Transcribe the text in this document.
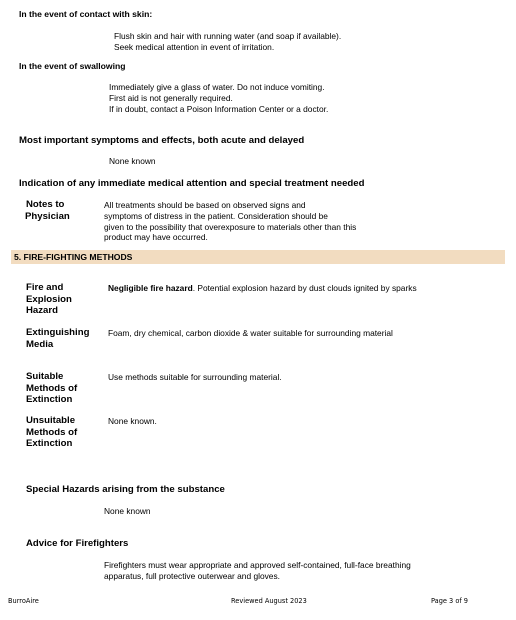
In the event of contact with skin:
Flush skin and hair with running water (and soap if available).
Seek medical attention in event of irritation.
In the event of swallowing
Immediately give a glass of water. Do not induce vomiting.
First aid is not generally required.
If in doubt, contact a Poison Information Center or a doctor.
Most important symptoms and effects, both acute and delayed
None known
Indication of any immediate medical attention and special treatment needed
Notes to
Physician
All treatments should be based on observed signs and
symptoms of distress in the patient. Consideration should be
given to the possibility that overexposure to materials other than this
product may have occurred.
5. FIRE-FIGHTING METHODS
Fire and
Explosion
Hazard
Negligible fire hazard. Potential explosion hazard by dust clouds ignited by sparks
Extinguishing
Media
Foam, dry chemical, carbon dioxide & water suitable for surrounding material
Suitable
Methods of
Extinction
Use methods suitable for surrounding material.
Unsuitable
Methods of
Extinction
None known.
Special Hazards arising from the substance
None known
Advice for Firefighters
Firefighters must wear appropriate and approved self-contained, full-face breathing
apparatus, full protective outerwear and gloves.
BurroAire	Reviewed August 2023	Page 3 of 9
